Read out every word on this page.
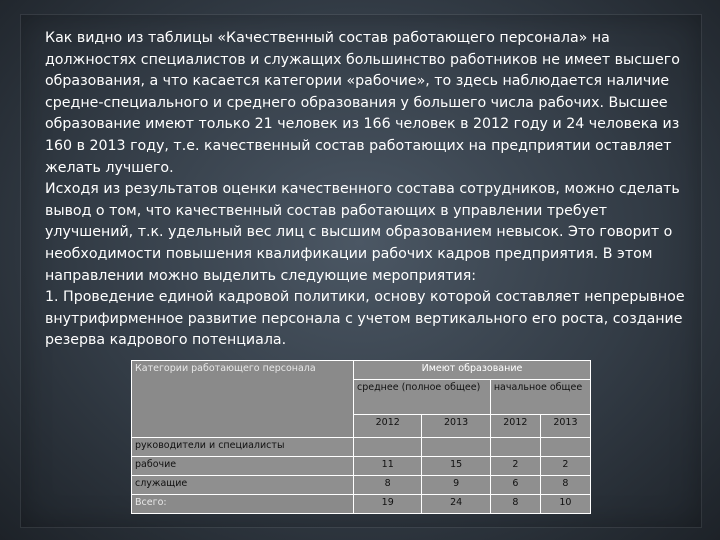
Как видно из таблицы «Качественный состав работающего персонала» на должностях специалистов и служащих большинство работников не имеет высшего образования, а что касается категории «рабочие», то здесь наблюдается наличие средне-специального и среднего образования у большего числа рабочих. Высшее образование имеют только 21 человек из 166 человек в 2012 году и 24 человека из 160 в 2013 году, т.е. качественный состав работающих на предприятии оставляет желать лучшего.

Исходя из результатов оценки качественного состава сотрудников, можно сделать вывод о том, что качественный состав работающих в управлении требует улучшений, т.к. удельный вес лиц с высшим образованием невысок. Это говорит о необходимости повышения квалификации рабочих кадров предприятия. В этом направлении можно выделить следующие мероприятия:

1. Проведение единой кадровой политики, основу которой составляет непрерывное внутрифирменное развитие персонала с учетом вертикального его роста, создание резерва кадрового потенциала.

Категории работающего персонала	Имеют образование			
	среднее (полное общее)		начальное общее	
	2012	2013	2012	2013
руководители и специалисты				
рабочие	11	15	2	2
служащие	8	9	6	8
Всего:	19	24	8	10
